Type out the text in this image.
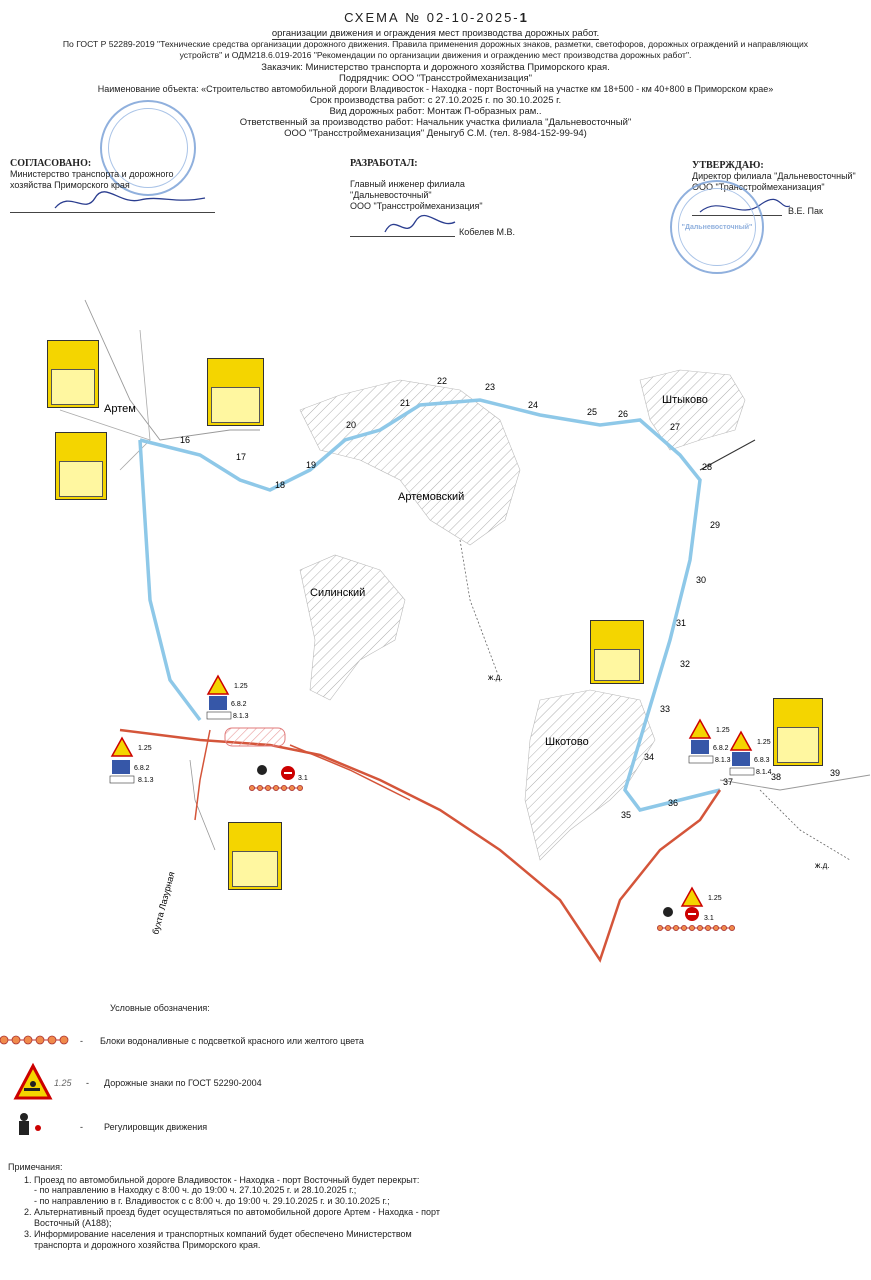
СХЕМА № 02-10-2025-1
организации движения и ограждения мест производства дорожных работ.
По ГОСТ Р 52289-2019 "Технические средства организации дорожного движения. Правила применения дорожных знаков, разметки, светофоров, дорожных ограждений и направляющих
устройств" и ОДМ218.6.019-2016 "Рекомендации по организации движения и ограждению мест производства дорожных работ".
Заказчик: Министерство транспорта и дорожного хозяйства Приморского края.
Подрядчик: ООО "Трансстроймеханизация"
Наименование объекта: «Строительство автомобильной дороги Владивосток - Находка - порт Восточный на участке км 18+500 - км 40+800 в Приморском крае»
Срок производства работ: с 27.10.2025 г. по 30.10.2025 г.
Вид дорожных работ: Монтаж П-образных рам..
Ответственный за производство работ: Начальник участка филиала "Дальневосточный"
ООО "Трансстроймеханизация" Деныгуб С.М. (тел. 8-984-152-99-94)
СОГЛАСОВАНО:
Министерство транспорта и дорожного
хозяйства Приморского края
РАЗРАБОТАЛ:
Главный инженер филиала
"Дальневосточный"
ООО "Трансстроймеханизация"
Кобелев М.В.
УТВЕРЖДАЮ:
Директор филиала "Дальневосточный"
ООО "Трансстроймеханизация"
В.Е. Пак
"Дальневосточный"
16
17
18
19
20
21
22
23
24
25 26
27
28
29
30
31
32
33
34
35
36
37	38	39
Артем
Артемовский
Силинский
Штыково
Шкотово
бухта Лазурная
ж.д.
ж.д.
1.25
6.8.2
8.1.3
1.25
6.8.2
8.1.3
3.1
1.25
6.8.2
8.1.3
1.25
6.8.3
8.1.4
1.25
3.1
Условные обозначения:
- Блоки водоналивные с подсветкой красного или желтого цвета
1.25 - Дорожные знаки по ГОСТ 52290-2004
- Регулировщик движения
Примечания:
1. Проезд по автомобильной дороге Владивосток - Находка - порт Восточный будет перекрыт:
- по направлению в Находку с 8:00 ч. до 19:00 ч. 27.10.2025 г. и 28.10.2025 г.;
- по направлению в г. Владивосток с с 8:00 ч. до 19:00 ч. 29.10.2025 г. и 30.10.2025 г.;
2. Альтернативный проезд будет осуществляться по автомобильной дороге Артем - Находка - порт Восточный (А188);
3. Информирование населения и транспортных компаний будет обеспечено Министерством транспорта и дорожного хозяйства Приморского края.
